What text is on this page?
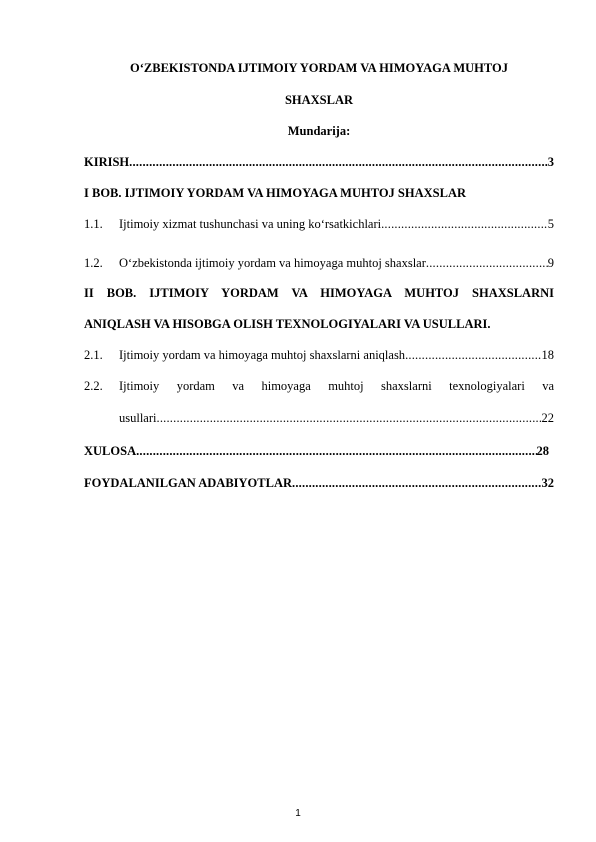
O‘ZBEKISTONDA IJTIMOIY YORDAM VA HIMOYAGA MUHTOJ
SHAXSLAR
Mundarija:
KIRISH .....	3
I BOB. IJTIMOIY YORDAM VA HIMOYAGA MUHTOJ SHAXSLAR
1.1.	Ijtimoiy xizmat tushunchasi va uning ko‘rsatkichlari .....	5
1.2.	O‘zbekistonda ijtimoiy yordam va himoyaga muhtoj shaxslar .....	9
II BOB. IJTIMOIY YORDAM VA HIMOYAGA MUHTOJ SHAXSLARNI
ANIQLASH VA HISOBGA OLISH TEXNOLOGIYALARI VA USULLARI.
2.1.	Ijtimoiy yordam va himoyaga muhtoj shaxslarni aniqlash .....	18
2.2.	Ijtimoiy yordam va himoyaga muhtoj shaxslarni texnologiyalari va
usullari .....	22
XULOSA .....	28
FOYDALANILGAN ADABIYOTLAR .....	32
1
